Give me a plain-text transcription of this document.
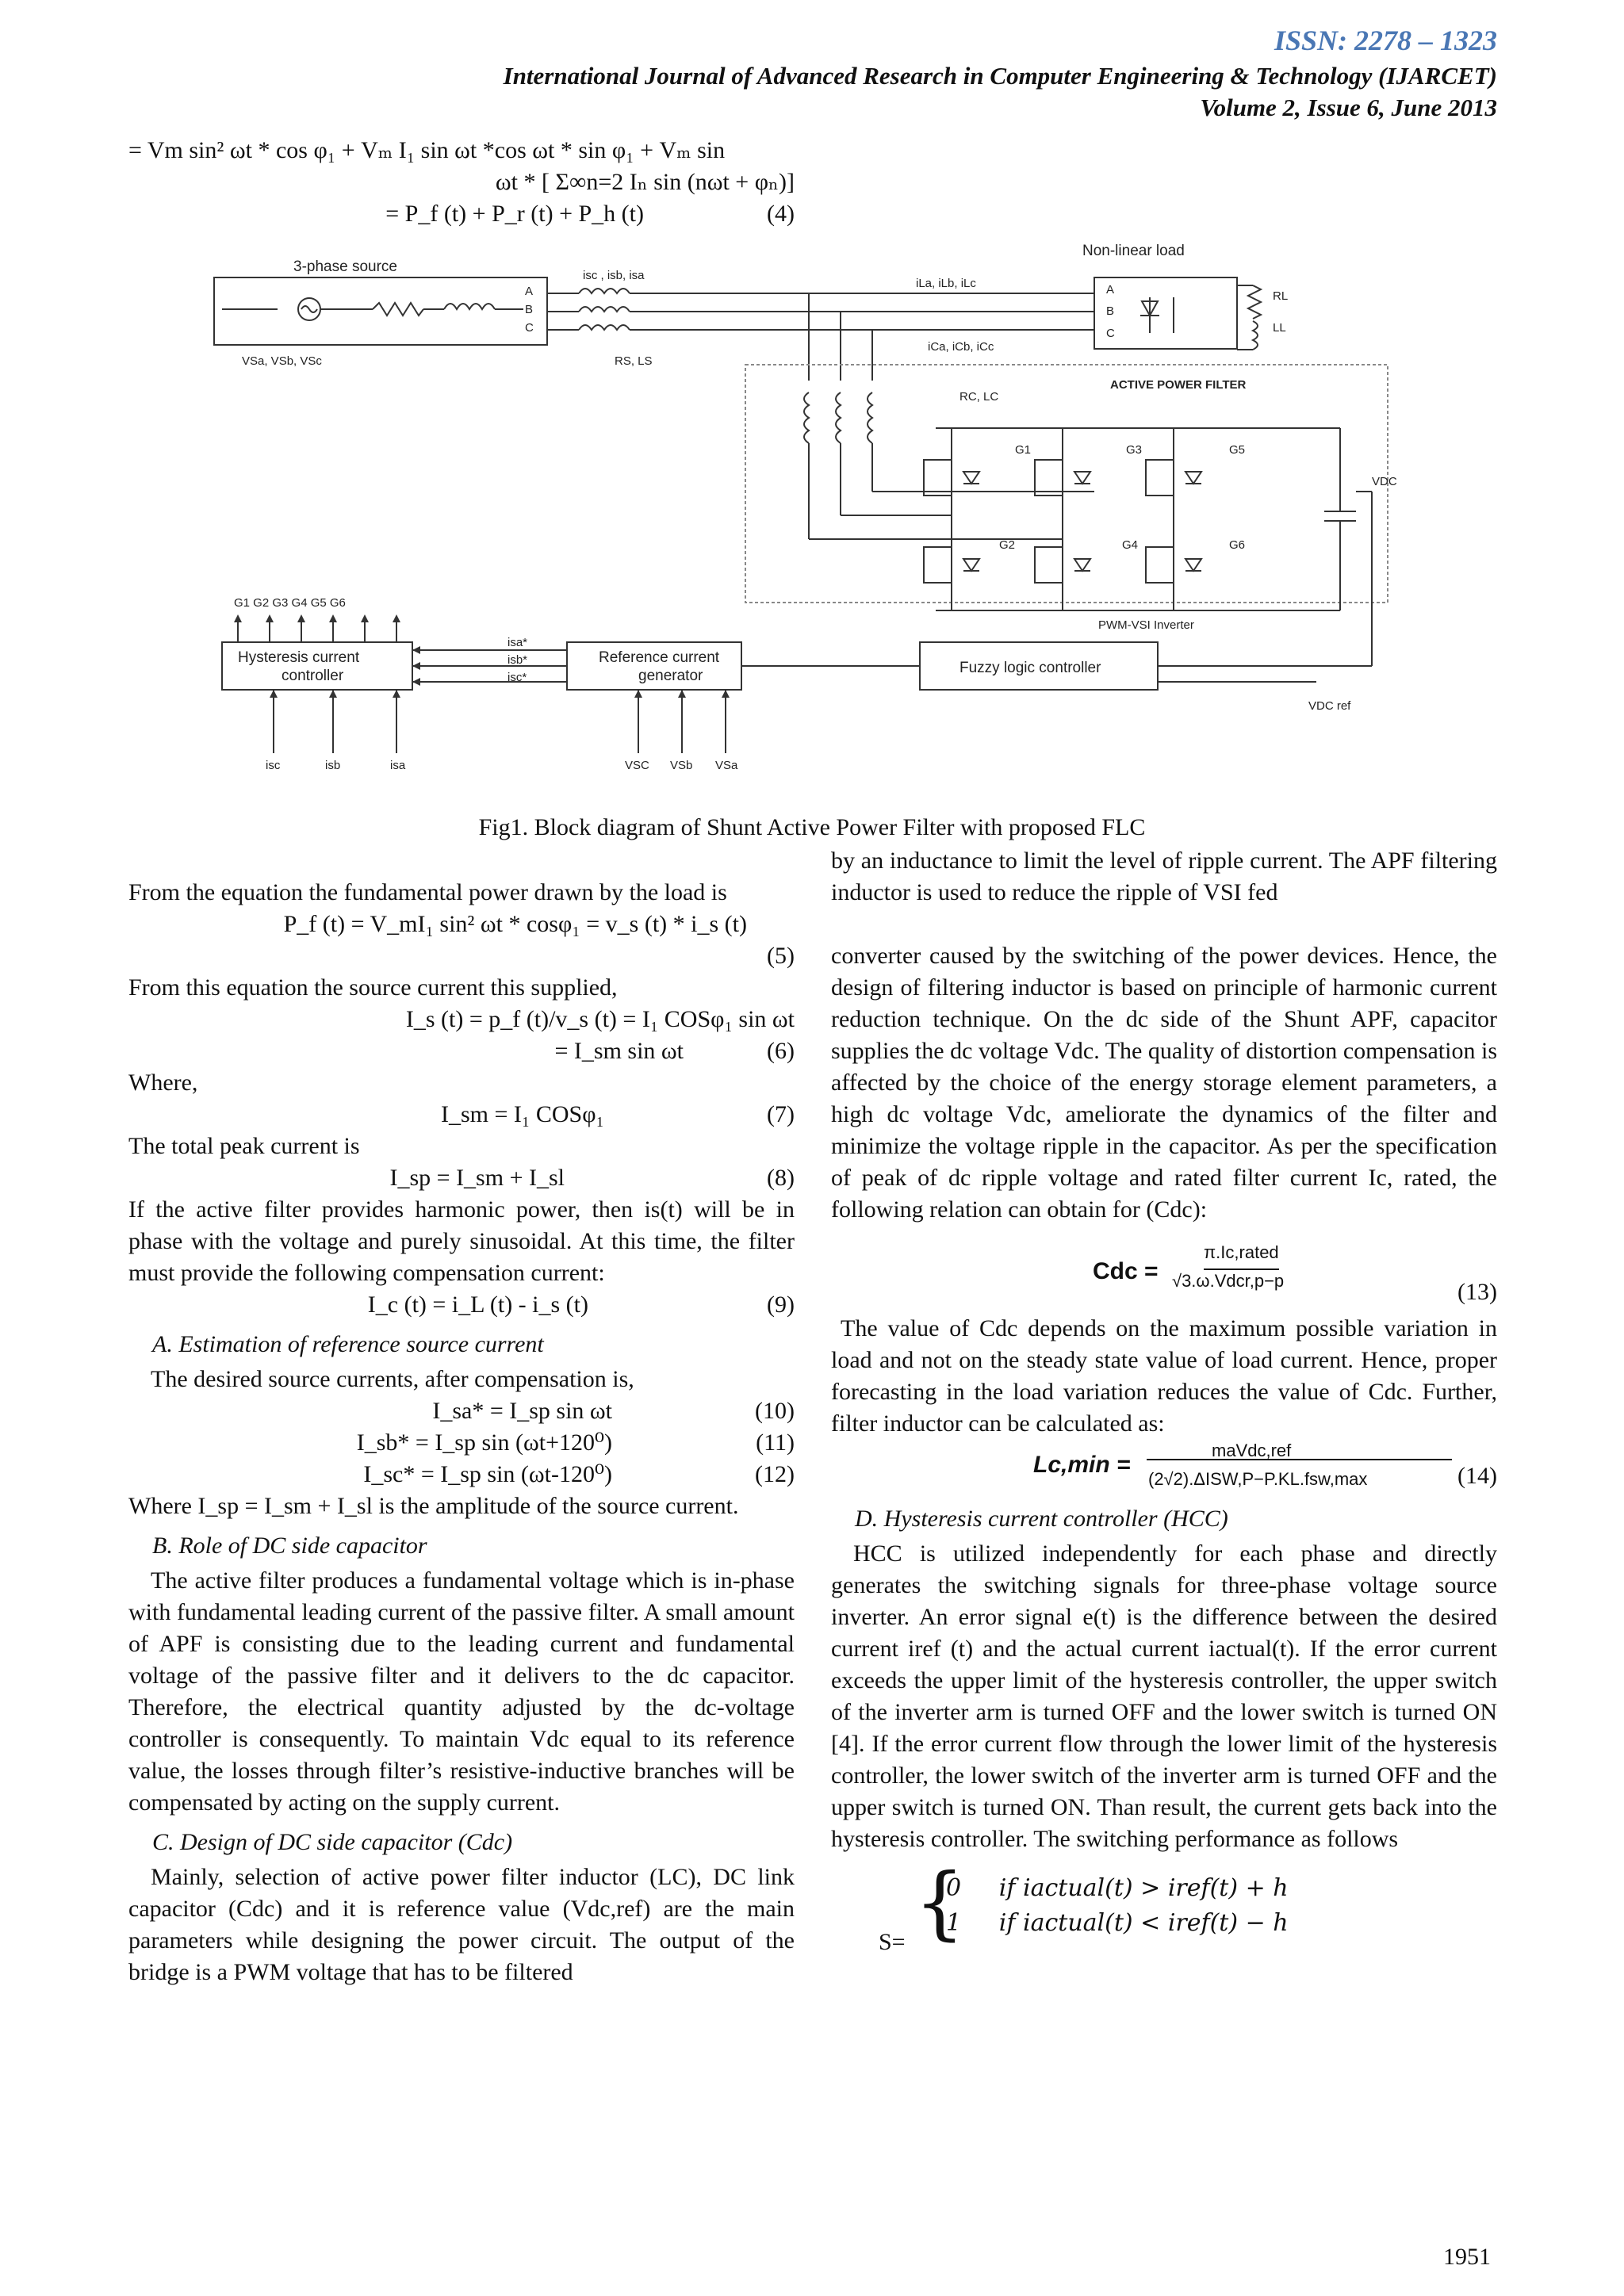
ISSN: 2278 – 1323
International Journal of Advanced Research in Computer Engineering & Technology (IJARCET)
Volume 2, Issue 6, June 2013
= Vm sin² ωt * cos φ₁ + Vₘ I₁ sin ωt *cos ωt * sin φ₁ + Vₘ sin
ωt * [ Σ∞n=2 Iₙ sin (nωt + φₙ)]
= P_f (t) + P_r (t) + P_h (t)	(4)
3-phase source
VSa, VSb, VSc
A
B
C
isc , isb, isa
RS, LS
iLa, iLb, iLc
iCa, iCb, iCc
RC, LC
Non-linear load
A
B
C
RL
LL
ACTIVE POWER FILTER
G1	G3	G5
G2	G4	G6
VDC
PWM-VSI Inverter
G1 G2 G3 G4 G5 G6
Hysteresis current
controller
Reference current
generator	Fuzzy logic controller
VDC ref
isa*
isb*
isc*
isc	isb	isa	VSC VSb VSa
Fig1. Block diagram of Shunt Active Power Filter with proposed FLC
From the equation the fundamental power drawn by the load is
P_f (t) = V_mI₁ sin² ωt * cosφ₁ = v_s (t) * i_s (t)
(5)
From this equation the source current this supplied,
I_s (t) = p_f (t)/v_s (t) = I₁ COSφ₁ sin ωt
= I_sm sin ωt	(6)
Where,
I_sm = I₁ COSφ₁	(7)
The total peak current is
I_sp = I_sm + I_sl	(8)
If the active filter provides harmonic power, then is(t) will be in phase with the voltage and purely sinusoidal. At this time, the filter must provide the following compensation current:
I_c (t) = i_L (t) - i_s (t)	(9)
A. Estimation of reference source current
The desired source currents, after compensation is,
I_sa* = I_sp sin ωt	(10)
I_sb* = I_sp sin (ωt+120⁰)	(11)
I_sc* = I_sp sin (ωt-120⁰)	(12)
Where I_sp = I_sm + I_sl is the amplitude of the source current.
B. Role of DC side capacitor
The active filter produces a fundamental voltage which is in-phase with fundamental leading current of the passive filter. A small amount of APF is consisting due to the leading current and fundamental voltage of the passive filter and it delivers to the dc capacitor. Therefore, the electrical quantity adjusted by the dc-voltage controller is consequently. To maintain Vdc equal to its reference value, the losses through filter’s resistive-inductive branches will be compensated by acting on the supply current.
C. Design of DC side capacitor (Cdc)
Mainly, selection of active power filter inductor (LC), DC link capacitor (Cdc) and it is reference value (Vdc,ref) are the main parameters while designing the power circuit. The output of the bridge is a PWM voltage that has to be filtered
by an inductance to limit the level of ripple current. The APF filtering inductor is used to reduce the ripple of VSI fed
converter caused by the switching of the power devices. Hence, the design of filtering inductor is based on principle of harmonic current reduction technique. On the dc side of the Shunt APF, capacitor supplies the dc voltage Vdc. The quality of distortion compensation is affected by the choice of the energy storage element parameters, a high dc voltage Vdc, ameliorate the dynamics of the filter and minimize the voltage ripple in the capacitor. As per the specification of peak of dc ripple voltage and rated filter current Ic, rated, the following relation can obtain for (Cdc):
Cdc =
π.Ic,rated
√3.ω.Vdcr,p−p	(13)
The value of Cdc depends on the maximum possible variation in load and not on the steady state value of load current. Hence, proper forecasting in the load variation reduces the value of Cdc. Further, filter inductor can be calculated as:
Lc,min =
maVdc,ref
(2√2).ΔISW,P−P.KL.fsw,max	(14)
D. Hysteresis current controller (HCC)
HCC is utilized independently for each phase and directly generates the switching signals for three-phase voltage source inverter. An error signal e(t) is the difference between the desired current iref (t) and the actual current iactual(t). If the error current exceeds the upper limit of the hysteresis controller, the upper switch of the inverter arm is turned OFF and the lower switch is turned ON [4]. If the error current flow through the lower limit of the hysteresis controller, the lower switch of the inverter arm is turned OFF and the upper switch is turned ON. Than result, the current gets back into the hysteresis controller. The switching performance as follows
S= {
0     if iactual(t) > iref(t) + h
1     if iactual(t) < iref(t) − h
1951
